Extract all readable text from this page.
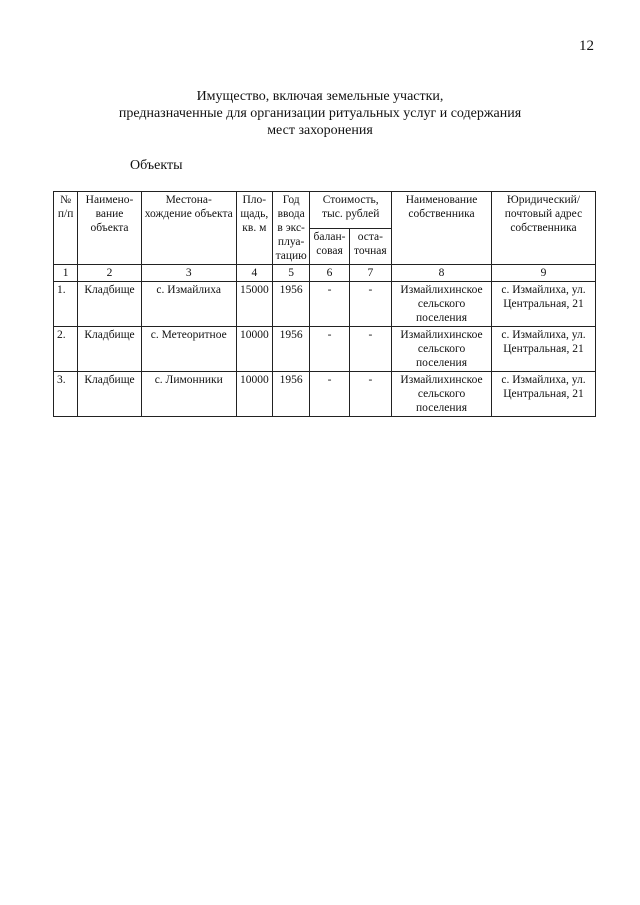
12
Имущество, включая земельные участки,
предназначенные для организации ритуальных услуг и содержания
мест захоронения
Объекты
№ п/п	Наимено-вание объекта	Местона-хождение объекта	Пло-щадь, кв. м	Год ввода в экс-плуа-тацию	Стоимость, тыс. рублей		Наименование собственника	Юридический/ почтовый адрес собственника
					балан-совая	оста-точная		
1	2	3	4	5	6	7	8	9
1.	Кладбище	с. Измайлиха	15000	1956	-	-	Измайлихинское сельского поселения	с. Измайлиха, ул. Центральная, 21
2.	Кладбище	с. Метеоритное	10000	1956	-	-	Измайлихинское сельского поселения	с. Измайлиха, ул. Центральная, 21
3.	Кладбище	с. Лимонники	10000	1956	-	-	Измайлихинское сельского поселения	с. Измайлиха, ул. Центральная, 21
